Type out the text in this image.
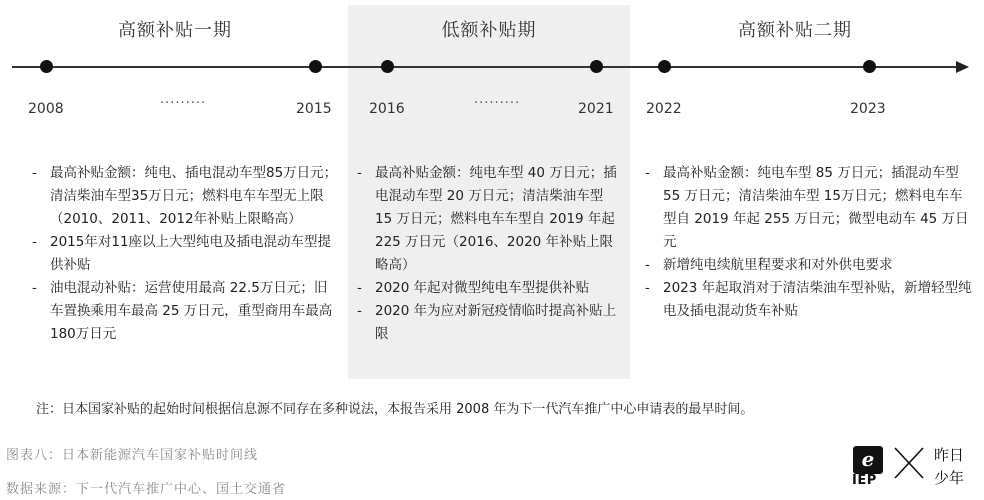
高额补贴一期	低额补贴期	高额补贴二期
2008	·········	2015	2016	·········	2021 2022	2023
- 最高补贴金额：纯电、插电混动车型85万日元；清洁柴油车型35万日元；燃料电车车型无上限（2010、2011、2012年补贴上限略高）
- 2015年对11座以上大型纯电及插电混动车型提供补贴
- 油电混动补贴：运营使用最高 22.5万日元；旧车置换乘用车最高 25 万日元，重型商用车最高180万日元
- 最高补贴金额：纯电车型 40 万日元；插电混动车型 20 万日元；清洁柴油车型 15 万日元；燃料电车车型自 2019 年起 225 万日元（2016、2020 年补贴上限略高）
- 2020 年起对微型纯电车型提供补贴
- 2020 年为应对新冠疫情临时提高补贴上限
- 最高补贴金额：纯电车型 85 万日元；插混动车型 55 万日元；清洁柴油车型 15万日元；燃料电车车型自 2019 年起 255 万日元；微型电动车 45 万日元
- 新增纯电续航里程要求和对外供电要求
- 2023 年起取消对于清洁柴油车型补贴，新增轻型纯电及插电混动货车补贴
注：日本国家补贴的起始时间根据信息源不同存在多种说法，本报告采用 2008 年为下一代汽车推广中心申请表的最早时间。
图表八：日本新能源汽车国家补贴时间线
数据来源：下一代汽车推广中心、国土交通省
e
IEP
昨日
少年
